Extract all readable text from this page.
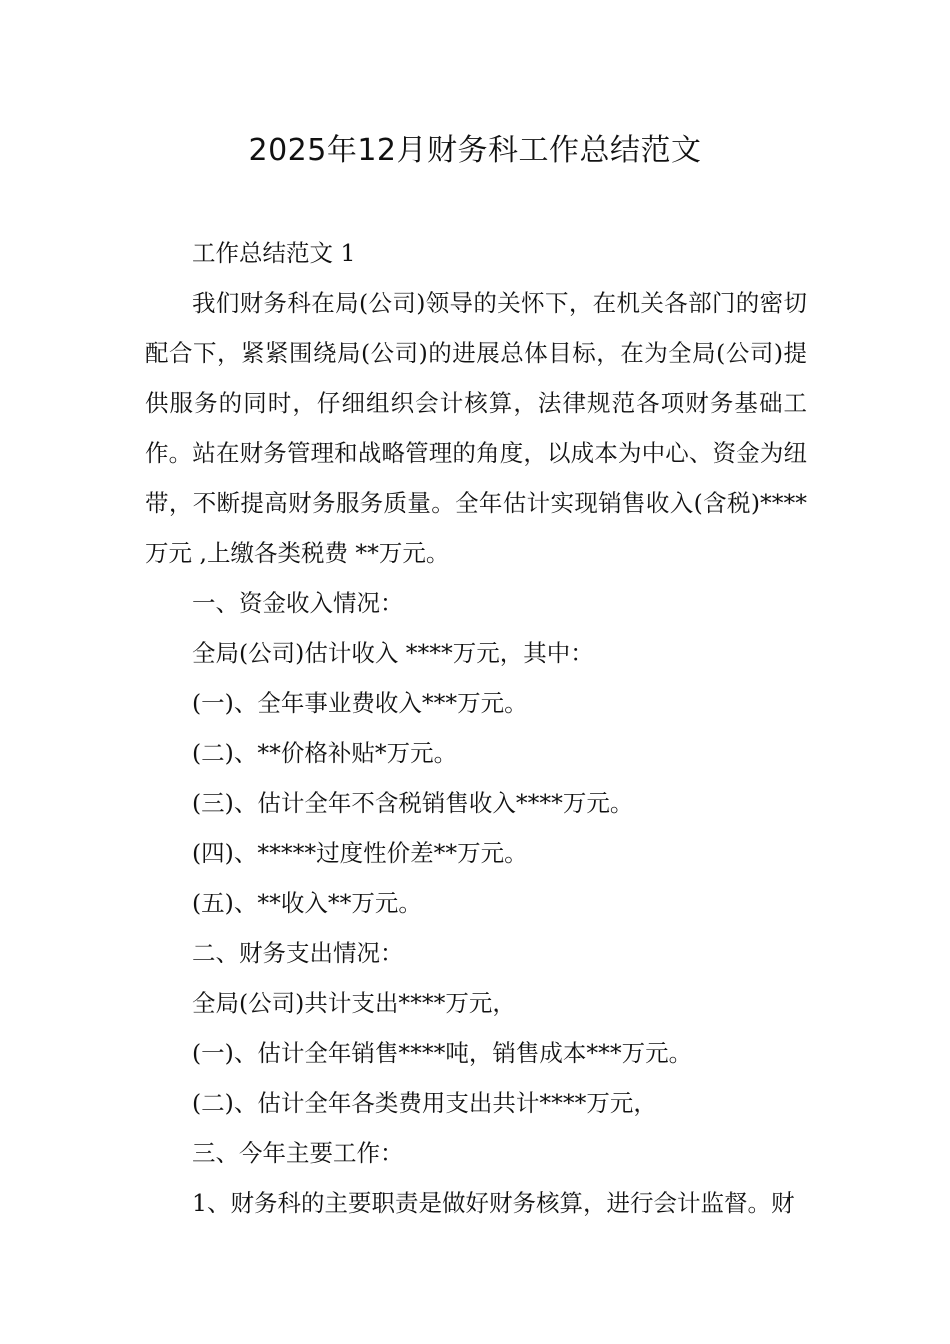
2025年12月财务科工作总结范文

工作总结范文 1

我们财务科在局(公司)领导的关怀下，在机关各部门的密切配合下，紧紧围绕局(公司)的进展总体目标，在为全局(公司)提供服务的同时，仔细组织会计核算，法律规范各项财务基础工作。站在财务管理和战略管理的角度，以成本为中心、资金为纽带，不断提高财务服务质量。全年估计实现销售收入(含税)****万元 ,上缴各类税费 **万元。

一、资金收入情况：

全局(公司)估计收入 ****万元，其中：

(一)、全年事业费收入***万元。

(二)、**价格补贴*万元。

(三)、估计全年不含税销售收入****万元。

(四)、*****过度性价差**万元。

(五)、**收入**万元。

二、财务支出情况：

全局(公司)共计支出****万元，

(一)、估计全年销售****吨，销售成本***万元。

(二)、估计全年各类费用支出共计****万元，

三、今年主要工作：

1、财务科的主要职责是做好财务核算，进行会计监督。财
